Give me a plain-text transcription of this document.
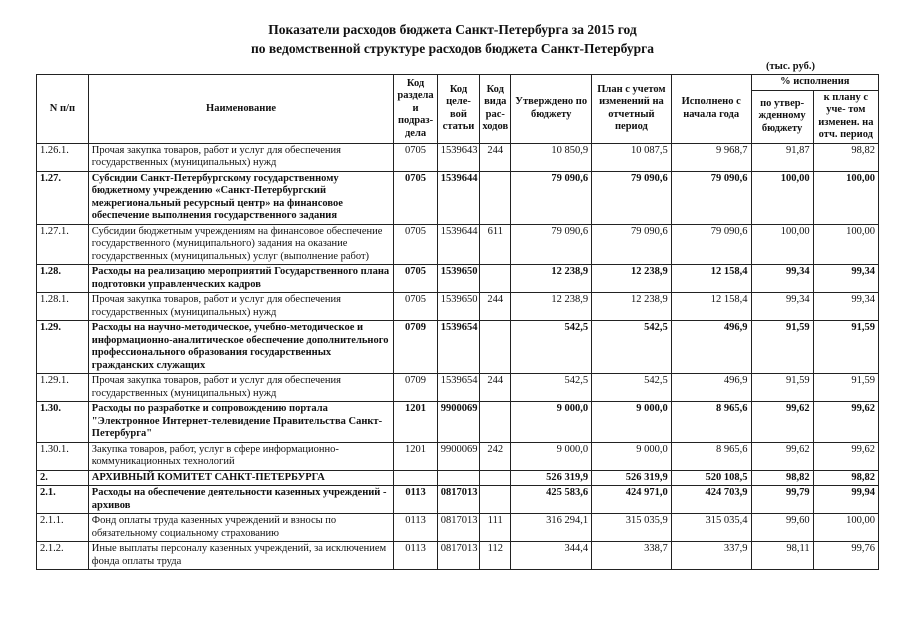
Показатели расходов бюджета Санкт-Петербурга за 2015 год
по ведомственной структуре расходов бюджета Санкт-Петербурга
(тыс. руб.)
N п/п	Наименование	Код раздела и подраз- дела	Код целе- вой статьи	Код вида рас- ходов	Утверждено по бюджету	План с учетом изменений на отчетный период	Исполнено с начала года	% исполнения	
								по утвер- жденному бюджету	к плану с уче- том изменен. на отч. период
1.26.1.	Прочая закупка товаров, работ и услуг для обеспечения государственных (муниципальных) нужд	0705	1539643	244	10 850,9	10 087,5	9 968,7	91,87	98,82
1.27.	Субсидии Санкт-Петербургскому государственному бюджетному учреждению «Санкт-Петербургский межрегиональный ресурсный центр» на финансовое обеспечение выполнения государственного задания	0705	1539644		79 090,6	79 090,6	79 090,6	100,00	100,00
1.27.1.	Субсидии бюджетным учреждениям на финансовое обеспечение государственного (муниципального) задания на оказание государственных (муниципальных) услуг (выполнение работ)	0705	1539644	611	79 090,6	79 090,6	79 090,6	100,00	100,00
1.28.	Расходы на реализацию мероприятий Государственного плана подготовки управленческих кадров	0705	1539650		12 238,9	12 238,9	12 158,4	99,34	99,34
1.28.1.	Прочая закупка товаров, работ и услуг для обеспечения государственных (муниципальных) нужд	0705	1539650	244	12 238,9	12 238,9	12 158,4	99,34	99,34
1.29.	Расходы на научно-методическое, учебно-методическое и информационно-аналитическое обеспечение дополнительного профессионального образования государственных гражданских служащих	0709	1539654		542,5	542,5	496,9	91,59	91,59
1.29.1.	Прочая закупка товаров, работ и услуг для обеспечения государственных (муниципальных) нужд	0709	1539654	244	542,5	542,5	496,9	91,59	91,59
1.30.	Расходы по разработке и сопровождению портала "Электронное Интернет-телевидение Правительства Санкт-Петербурга"	1201	9900069		9 000,0	9 000,0	8 965,6	99,62	99,62
1.30.1.	Закупка товаров, работ, услуг в сфере информационно-коммуникационных технологий	1201	9900069	242	9 000,0	9 000,0	8 965,6	99,62	99,62
2.	АРХИВНЫЙ КОМИТЕТ САНКТ-ПЕТЕРБУРГА				526 319,9	526 319,9	520 108,5	98,82	98,82
2.1.	Расходы на обеспечение деятельности казенных учреждений - архивов	0113	0817013		425 583,6	424 971,0	424 703,9	99,79	99,94
2.1.1.	Фонд оплаты труда казенных учреждений и взносы по обязательному социальному страхованию	0113	0817013	111	316 294,1	315 035,9	315 035,4	99,60	100,00
2.1.2.	Иные выплаты персоналу казенных учреждений, за исключением фонда оплаты труда	0113	0817013	112	344,4	338,7	337,9	98,11	99,76
